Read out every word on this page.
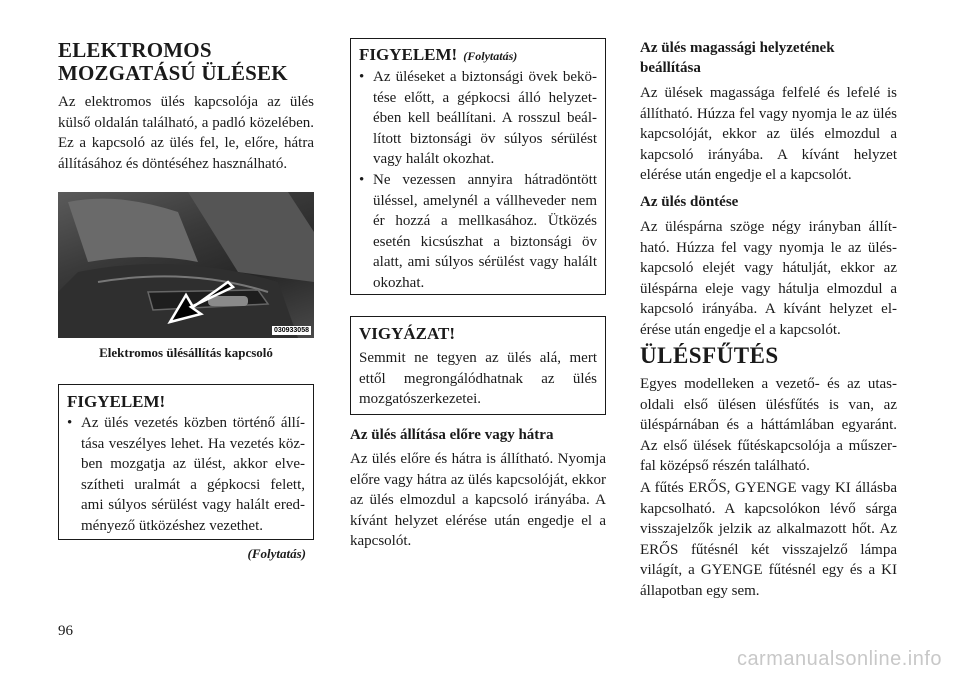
ELEKTROMOS
MOZGATÁSÚ ÜLÉSEK
Az elektromos ülés kapcsolója az ülés külső oldalán található, a padló közelében. Ez a kapcsoló az ülés fel, le, előre, hátra állításához és döntéséhez használható.
030933058
Elektromos ülésállítás kapcsoló
FIGYELEM!
• Az ülés vezetés közben történő állítása veszélyes lehet. Ha vezetés közben mozgatja az ülést, akkor elveszítheti uralmát a gépkocsi felett, ami súlyos sérülést vagy halált eredményező ütközéshez vezethet.
(Folytatás)
FIGYELEM! (Folytatás)
• Az üléseket a biztonsági övek bekötése előtt, a gépkocsi álló helyzetében kell beállítani. A rosszul beállított biztonsági öv súlyos sérülést vagy halált okozhat.
• Ne vezessen annyira hátradöntött üléssel, amelynél a vállheveder nem ér hozzá a mellkasához. Ütközés esetén kicsúszhat a biztonsági öv alatt, ami súlyos sérülést vagy halált okozhat.
VIGYÁZAT!
Semmit ne tegyen az ülés alá, mert ettől megrongálódhatnak az ülés mozgatószerkezetei.
Az ülés állítása előre vagy hátra
Az ülés előre és hátra is állítható. Nyomja előre vagy hátra az ülés kapcsolóját, ekkor az ülés elmozdul a kapcsoló irányába. A kívánt helyzet elérése után engedje el a kapcsolót.
Az ülés magassági helyzetének beállítása
Az ülések magassága felfelé és lefelé is állítható. Húzza fel vagy nyomja le az ülés kapcsolóját, ekkor az ülés elmozdul a kapcsoló irányába. A kívánt helyzet elérése után engedje el a kapcsolót.
Az ülés döntése
Az üléspárna szöge négy irányban állítható. Húzza fel vagy nyomja le az üléskapcsoló elejét vagy hátulját, ekkor az üléspárna eleje vagy hátulja elmozdul a kapcsoló irányába. A kívánt helyzet elérése után engedje el a kapcsolót.
ÜLÉSFŰTÉS
Egyes modelleken a vezető- és az utasoldali első ülésen ülésfűtés is van, az üléspárnában és a háttámlában egyaránt. Az első ülések fűtéskapcsolója a műszerfal középső részén található.
A fűtés ERŐS, GYENGE vagy KI állásba kapcsolható. A kapcsolókon lévő sárga visszajelzők jelzik az alkalmazott hőt. Az ERŐS fűtésnél két visszajelző lámpa világít, a GYENGE fűtésnél egy és a KI állapotban egy sem.
96
carmanualsonline.info
